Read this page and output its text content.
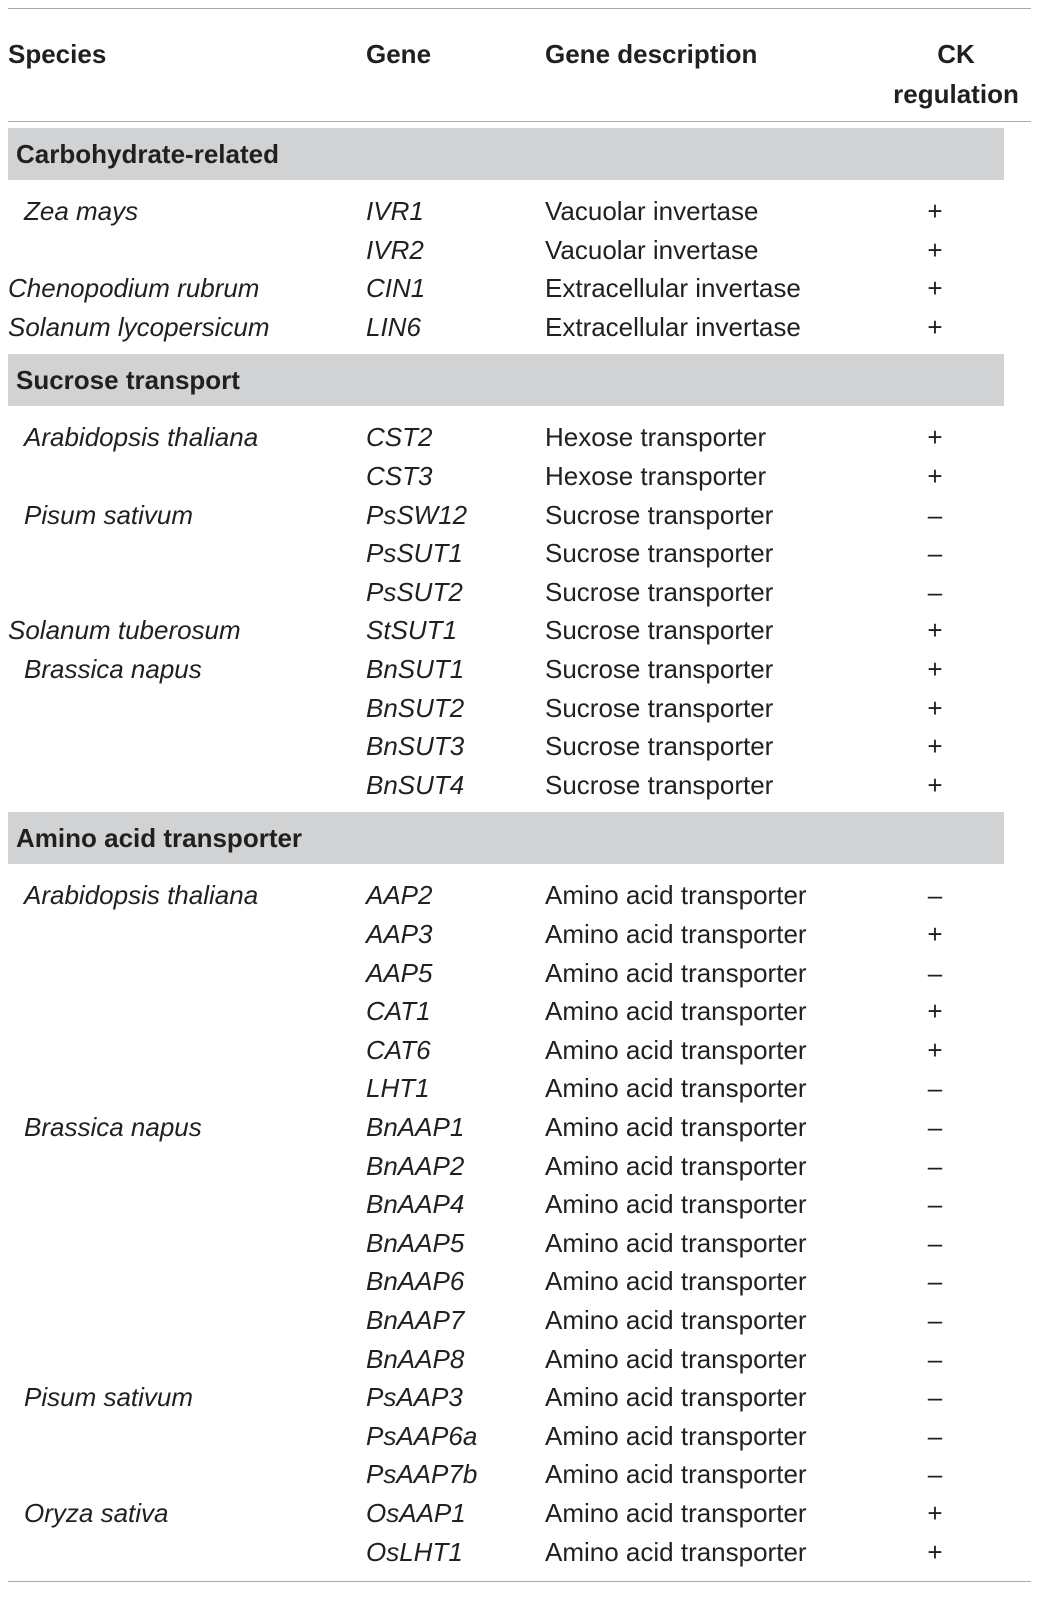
Species	Gene	Gene description	CK
regulation
Carbohydrate-related
Zea mays	IVR1	Vacuolar invertase	+
IVR2	Vacuolar invertase	+
Chenopodium rubrum	CIN1	Extracellular invertase	+
Solanum lycopersicum	LIN6	Extracellular invertase	+
Sucrose transport
Arabidopsis thaliana	CST2	Hexose transporter	+
CST3	Hexose transporter	+
Pisum sativum	PsSW12	Sucrose transporter	–
PsSUT1	Sucrose transporter	–
PsSUT2	Sucrose transporter	–
Solanum tuberosum	StSUT1	Sucrose transporter	+
Brassica napus	BnSUT1	Sucrose transporter	+
BnSUT2	Sucrose transporter	+
BnSUT3	Sucrose transporter	+
BnSUT4	Sucrose transporter	+
Amino acid transporter
Arabidopsis thaliana	AAP2	Amino acid transporter	–
AAP3	Amino acid transporter	+
AAP5	Amino acid transporter	–
CAT1	Amino acid transporter	+
CAT6	Amino acid transporter	+
LHT1	Amino acid transporter	–
Brassica napus	BnAAP1	Amino acid transporter	–
BnAAP2	Amino acid transporter	–
BnAAP4	Amino acid transporter	–
BnAAP5	Amino acid transporter	–
BnAAP6	Amino acid transporter	–
BnAAP7	Amino acid transporter	–
BnAAP8	Amino acid transporter	–
Pisum sativum	PsAAP3	Amino acid transporter	–
PsAAP6a	Amino acid transporter	–
PsAAP7b	Amino acid transporter	–
Oryza sativa	OsAAP1	Amino acid transporter	+
OsLHT1	Amino acid transporter	+
